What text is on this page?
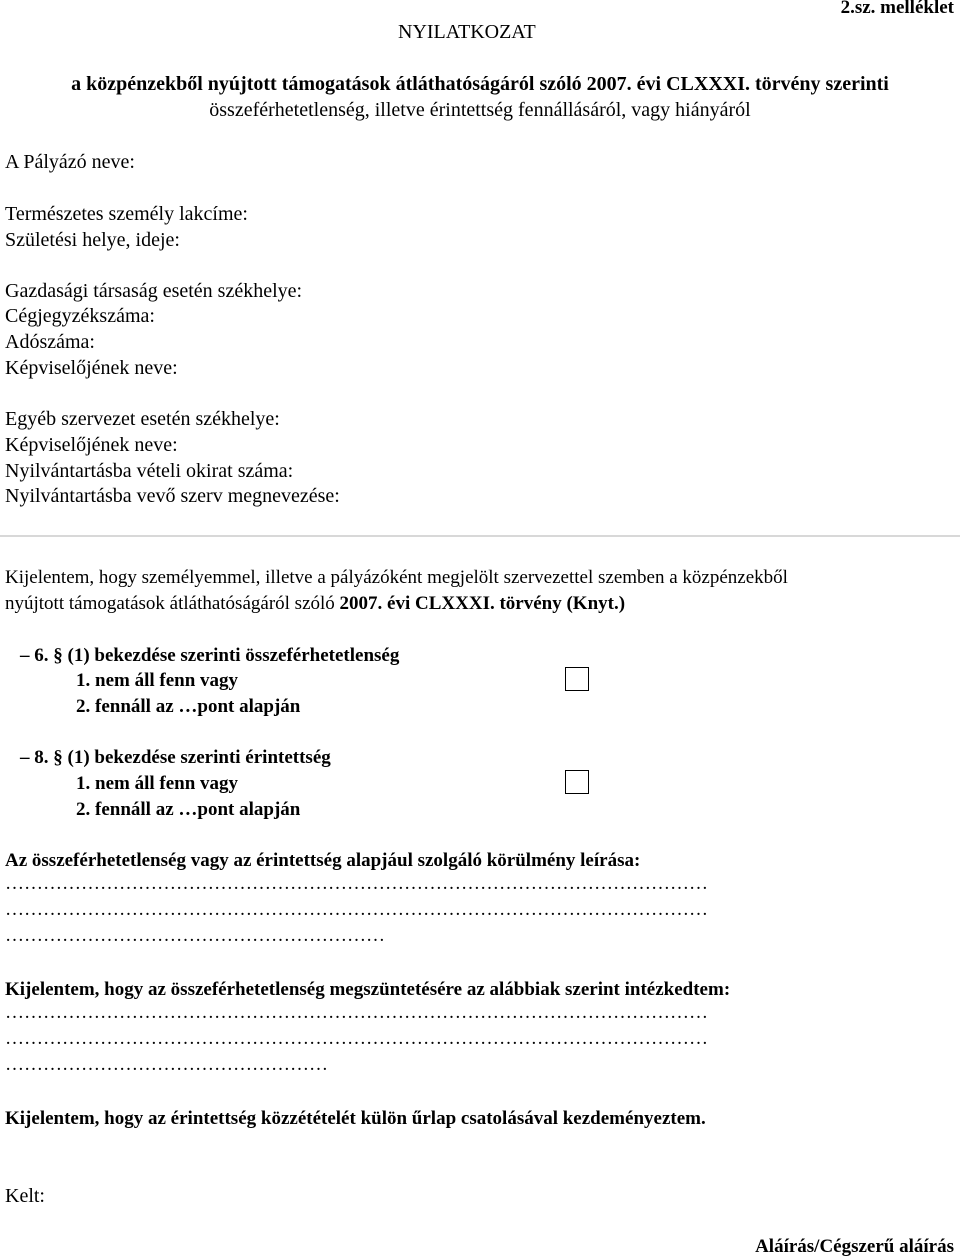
NYILATKOZAT
2.sz. melléklet
a közpénzekből nyújtott támogatások átláthatóságáról szóló 2007. évi CLXXXI. törvény szerinti
összeférhetetlenség, illetve érintettség fennállásáról, vagy hiányáról
A Pályázó neve:
Természetes személy lakcíme:
Születési helye, ideje:
Gazdasági társaság esetén székhelye:
Cégjegyzékszáma:
Adószáma:
Képviselőjének neve:
Egyéb szervezet esetén székhelye:
Képviselőjének neve:
Nyilvántartásba vételi okirat száma:
Nyilvántartásba vevő szerv megnevezése:
Kijelentem, hogy személyemmel, illetve a pályázóként megjelölt szervezettel szemben a közpénzekből
nyújtott támogatások átláthatóságáról szóló 2007. évi CLXXXI. törvény (Knyt.)
– 6. § (1) bekezdése szerinti összeférhetetlenség
1. nem áll fenn vagy
2. fennáll az …pont alapján
– 8. § (1) bekezdése szerinti érintettség
1. nem áll fenn vagy
2. fennáll az …pont alapján
Az összeférhetetlenség vagy az érintettség alapjául szolgáló körülmény leírása:
…………………………………………………………………………………………………
…………………………………………………………………………………………………
……………………………………………………
Kijelentem, hogy az összeférhetetlenség megszüntetésére az alábbiak szerint intézkedtem:
…………………………………………………………………………………………………
…………………………………………………………………………………………………
……………………………………………
Kijelentem, hogy az érintettség közzétételét külön űrlap csatolásával kezdeményeztem.
Kelt:
Aláírás/Cégszerű aláírás
